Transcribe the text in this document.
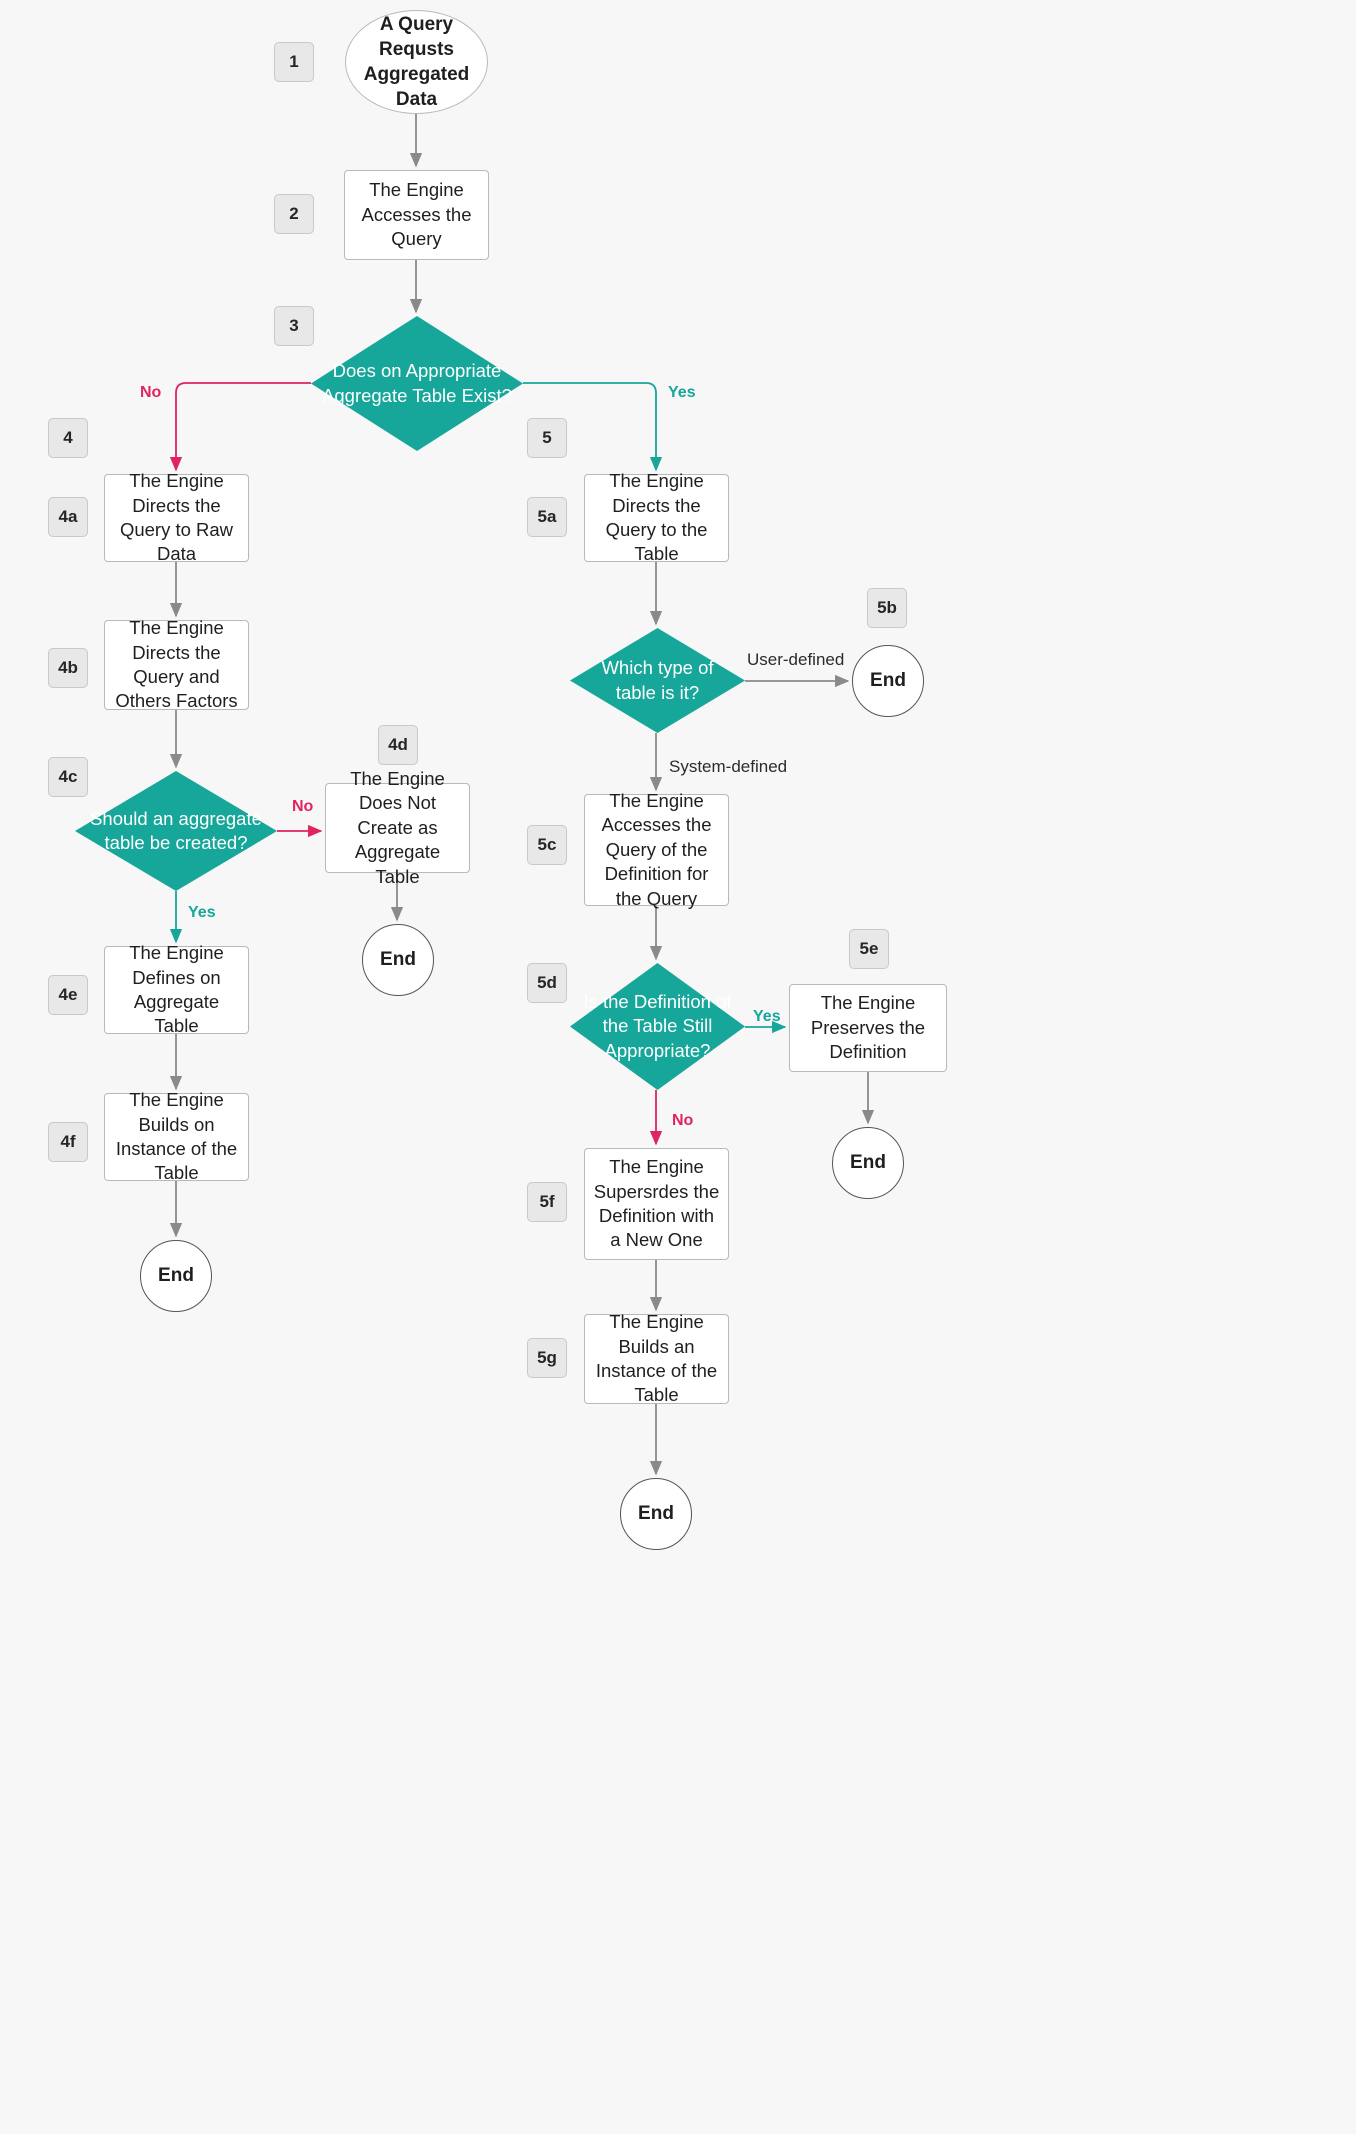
1
2
3
4
4a
4b
4c
4d
4e
4f
5
5a
5b
5c
5d
5e
5f
5g
A Query Requsts Aggregated Data
The Engine Accesses the Query
Does on Appropriate Aggregate Table Exist?
The Engine Directs the Query to Raw Data
The Engine Directs the Query and Others Factors
Should an aggregate table be created?
The Engine Does Not Create as Aggregate Table
End
The Engine Defines on Aggregate Table
The Engine Builds on Instance of the Table
End
The Engine Directs the Query to the Table
Which type of table is it?
End
The Engine Accesses the Query of the Definition for the Query
Is the Definition of the Table Still Appropriate?
The Engine Preserves the Definition
End
The Engine Supersrdes the Definition with a New One
The Engine Builds an Instance of the Table
End
No	Yes
No
Yes
User-defined
System-defined
Yes
No
